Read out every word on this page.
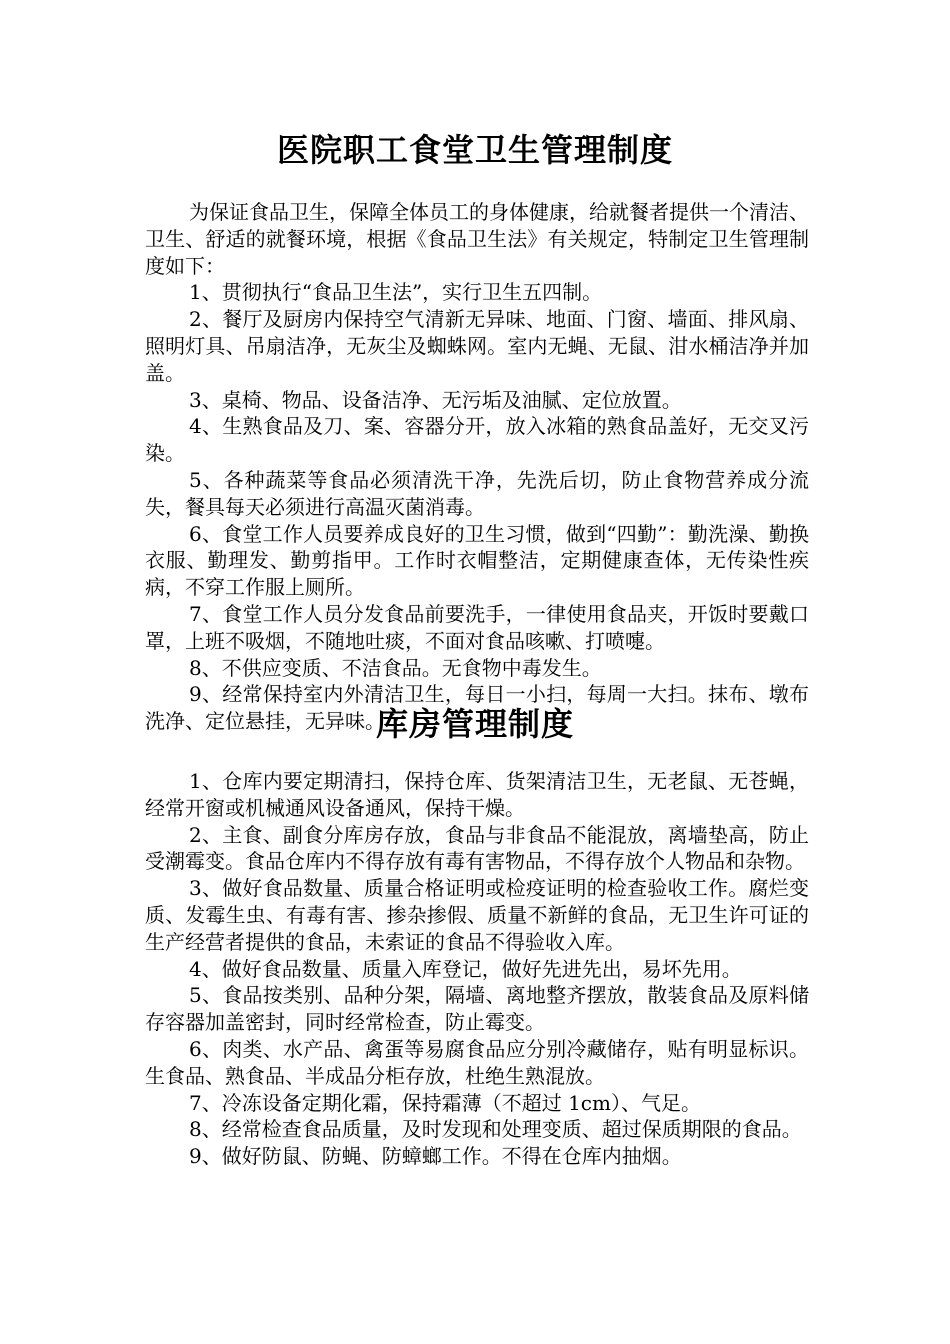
医院职工食堂卫生管理制度

为保证食品卫生，保障全体员工的身体健康，给就餐者提供一个清洁、卫生、舒适的就餐环境，根据《食品卫生法》有关规定，特制定卫生管理制度如下：

1、贯彻执行“食品卫生法”，实行卫生五四制。

2、餐厅及厨房内保持空气清新无异味、地面、门窗、墙面、排风扇、照明灯具、吊扇洁净，无灰尘及蜘蛛网。室内无蝇、无鼠、泔水桶洁净并加盖。

3、桌椅、物品、设备洁净、无污垢及油腻、定位放置。

4、生熟食品及刀、案、容器分开，放入冰箱的熟食品盖好，无交叉污染。

5、各种蔬菜等食品必须清洗干净，先洗后切，防止食物营养成分流失，餐具每天必须进行高温灭菌消毒。

6、食堂工作人员要养成良好的卫生习惯，做到“四勤”：勤洗澡、勤换衣服、勤理发、勤剪指甲。工作时衣帽整洁，定期健康查体，无传染性疾病，不穿工作服上厕所。

7、食堂工作人员分发食品前要洗手，一律使用食品夹，开饭时要戴口罩，上班不吸烟，不随地吐痰，不面对食品咳嗽、打喷嚏。

8、不供应变质、不洁食品。无食物中毒发生。

9、经常保持室内外清洁卫生，每日一小扫，每周一大扫。抹布、墩布洗净、定位悬挂，无异味。

库房管理制度

1、仓库内要定期清扫，保持仓库、货架清洁卫生，无老鼠、无苍蝇，经常开窗或机械通风设备通风，保持干燥。

2、主食、副食分库房存放，食品与非食品不能混放，离墙垫高，防止受潮霉变。食品仓库内不得存放有毒有害物品，不得存放个人物品和杂物。

3、做好食品数量、质量合格证明或检疫证明的检查验收工作。腐烂变质、发霉生虫、有毒有害、掺杂掺假、质量不新鲜的食品，无卫生许可证的生产经营者提供的食品，未索证的食品不得验收入库。

4、做好食品数量、质量入库登记，做好先进先出，易坏先用。

5、食品按类别、品种分架，隔墙、离地整齐摆放，散装食品及原料储存容器加盖密封，同时经常检查，防止霉变。

6、肉类、水产品、禽蛋等易腐食品应分别冷藏储存，贴有明显标识。生食品、熟食品、半成品分柜存放，杜绝生熟混放。

7、冷冻设备定期化霜，保持霜薄（不超过 1cm）、气足。

8、经常检查食品质量，及时发现和处理变质、超过保质期限的食品。

9、做好防鼠、防蝇、防蟑螂工作。不得在仓库内抽烟。
